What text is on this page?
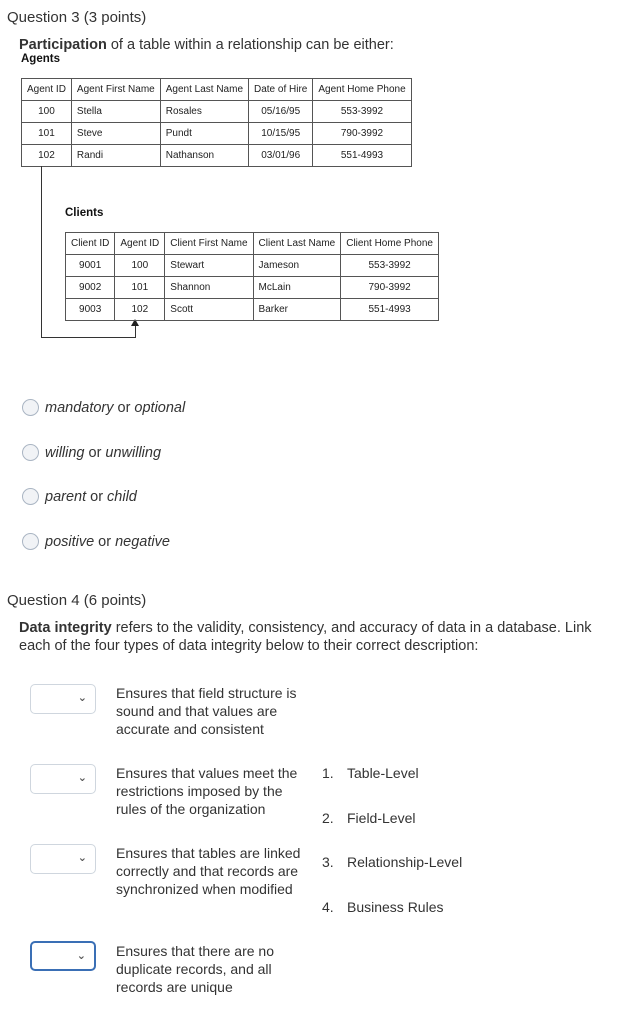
Question 3 (3 points)
Participation of a table within a relationship can be either:
Agents
Agent ID	Agent First Name	Agent Last Name	Date of Hire	Agent Home Phone
100	Stella	Rosales	05/16/95	553-3992
101	Steve	Pundt	10/15/95	790-3992
102	Randi	Nathanson	03/01/96	551-4993
Clients
Client ID	Agent ID	Client First Name	Client Last Name	Client Home Phone
9001	100	Stewart	Jameson	553-3992
9002	101	Shannon	McLain	790-3992
9003	102	Scott	Barker	551-4993
mandatory or optional
willing or unwilling
parent or child
positive or negative
Question 4 (6 points)
Data integrity refers to the validity, consistency, and accuracy of data in a database. Link each of the four types of data integrity below to their correct description:
⌄ Ensures that field structure is sound and that values are accurate and consistent
⌄ Ensures that values meet the restrictions imposed by the rules of the organization
⌄ Ensures that tables are linked correctly and that records are synchronized when modified
⌄ Ensures that there are no duplicate records, and all records are unique
1. Table-Level
2. Field-Level
3. Relationship-Level
4. Business Rules
